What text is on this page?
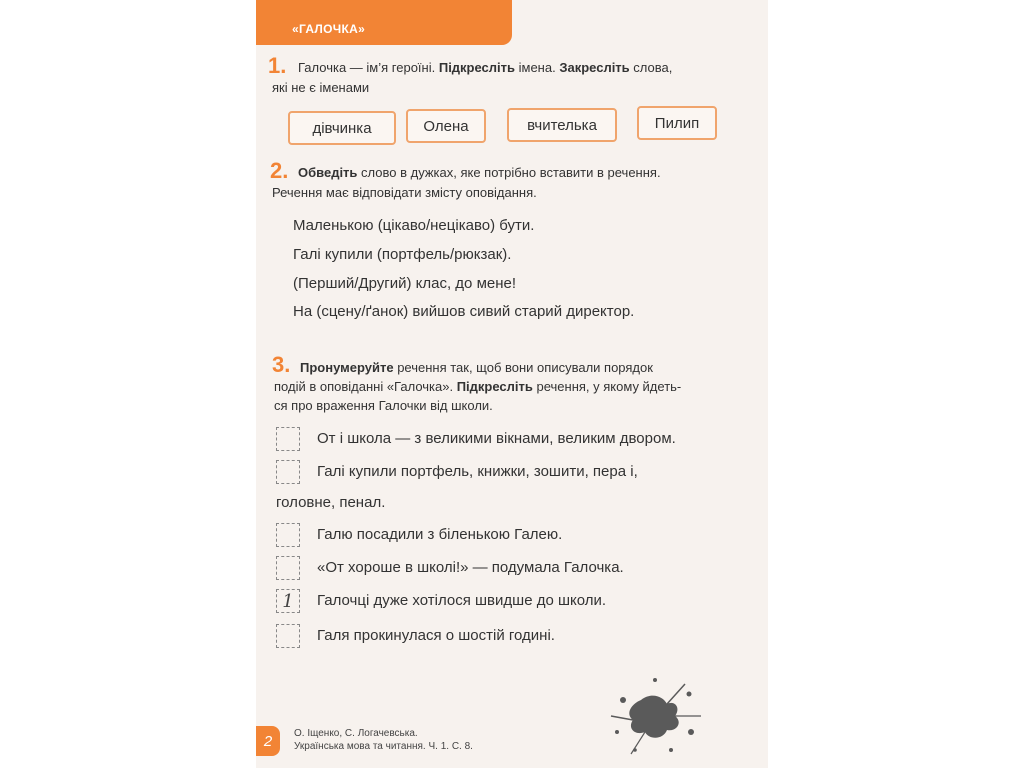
«ГАЛОЧКА»
1. Галочка — ім’я героїні. Підкресліть імена. Закресліть слова,
які не є іменами
дівчинка	Олена	вчителька	Пилип
2. Обведіть слово в дужках, яке потрібно вставити в речення.
Речення має відповідати змісту оповідання.
Маленькою (цікаво/нецікаво) бути.
Галі купили (портфель/рюкзак).
(Перший/Другий) клас, до мене!
На (сцену/ґанок) вийшов сивий старий директор.
3. Пронумеруйте речення так, щоб вони описували порядок
подій в оповіданні «Галочка». Підкресліть речення, у якому йдеть-
ся про враження Галочки від школи.
От і школа — з великими вікнами, великим двором.
Галі купили портфель, книжки, зошити, пера і,
головне, пенал.
Галю посадили з біленькою Галею.
«От хороше в школі!» — подумала Галочка.
1	Галочці дуже хотілося швидше до школи.
Галя прокинулася о шостій годині.
2	О. Іщенко, С. Логачевська.
Українська мова та читання. Ч. 1. С. 8.
